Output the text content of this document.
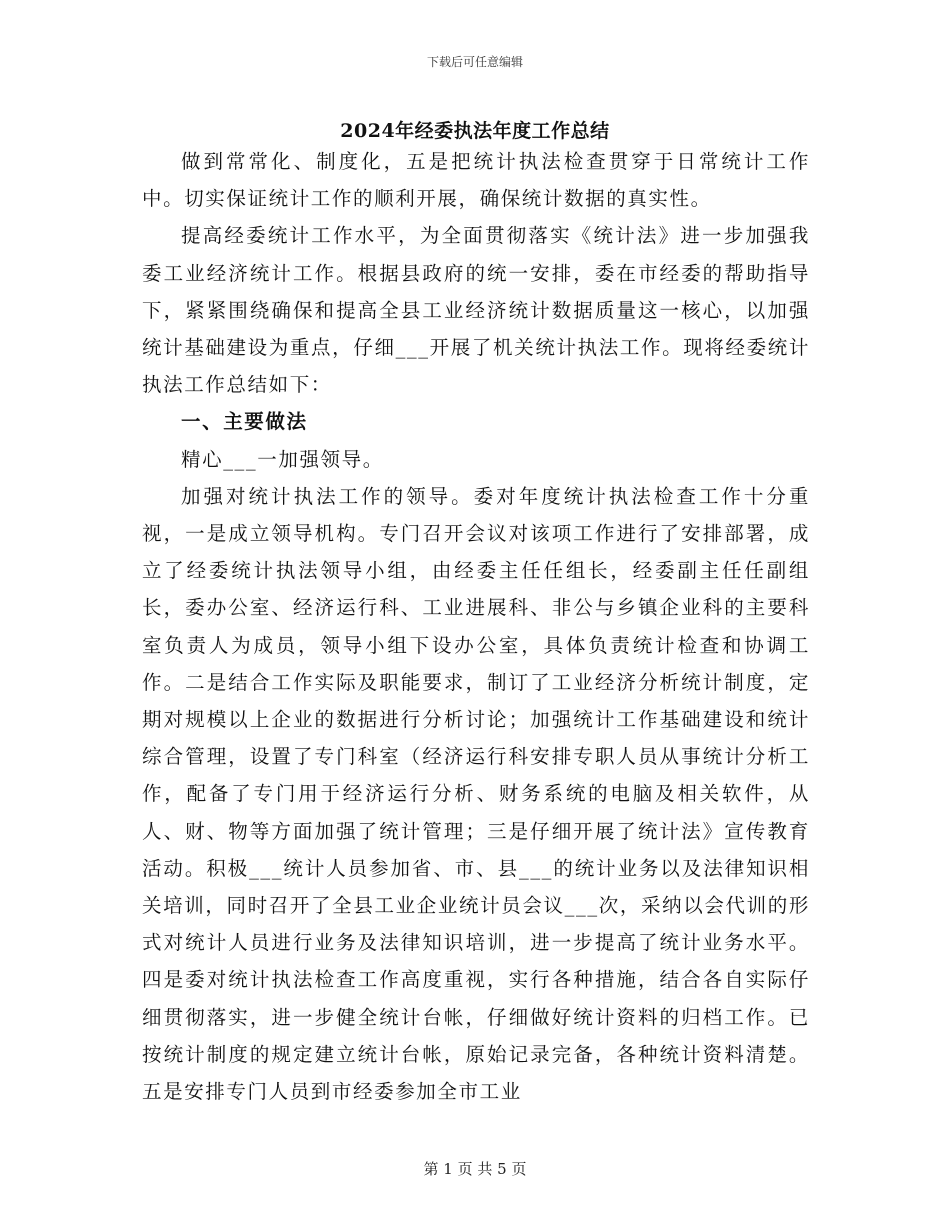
下载后可任意编辑
2024年经委执法年度工作总结

做到常常化、制度化，五是把统计执法检查贯穿于日常统计工作中。切实保证统计工作的顺利开展，确保统计数据的真实性。

提高经委统计工作水平，为全面贯彻落实《统计法》进一步加强我委工业经济统计工作。根据县政府的统一安排，委在市经委的帮助指导下，紧紧围绕确保和提高全县工业经济统计数据质量这一核心，以加强统计基础建设为重点，仔细___开展了机关统计执法工作。现将经委统计执法工作总结如下：

一、主要做法

精心___一加强领导。

加强对统计执法工作的领导。委对年度统计执法检查工作十分重视，一是成立领导机构。专门召开会议对该项工作进行了安排部署，成立了经委统计执法领导小组，由经委主任任组长，经委副主任任副组长，委办公室、经济运行科、工业进展科、非公与乡镇企业科的主要科室负责人为成员，领导小组下设办公室，具体负责统计检查和协调工作。二是结合工作实际及职能要求，制订了工业经济分析统计制度，定期对规模以上企业的数据进行分析讨论；加强统计工作基础建设和统计综合管理，设置了专门科室（经济运行科安排专职人员从事统计分析工作，配备了专门用于经济运行分析、财务系统的电脑及相关软件，从人、财、物等方面加强了统计管理；三是仔细开展了统计法》宣传教育活动。积极___统计人员参加省、市、县___的统计业务以及法律知识相关培训，同时召开了全县工业企业统计员会议___次，采纳以会代训的形式对统计人员进行业务及法律知识培训，进一步提高了统计业务水平。四是委对统计执法检查工作高度重视，实行各种措施，结合各自实际仔细贯彻落实，进一步健全统计台帐，仔细做好统计资料的归档工作。已按统计制度的规定建立统计台帐，原始记录完备，各种统计资料清楚。五是安排专门人员到市经委参加全市工业

第 1 页 共 5 页
